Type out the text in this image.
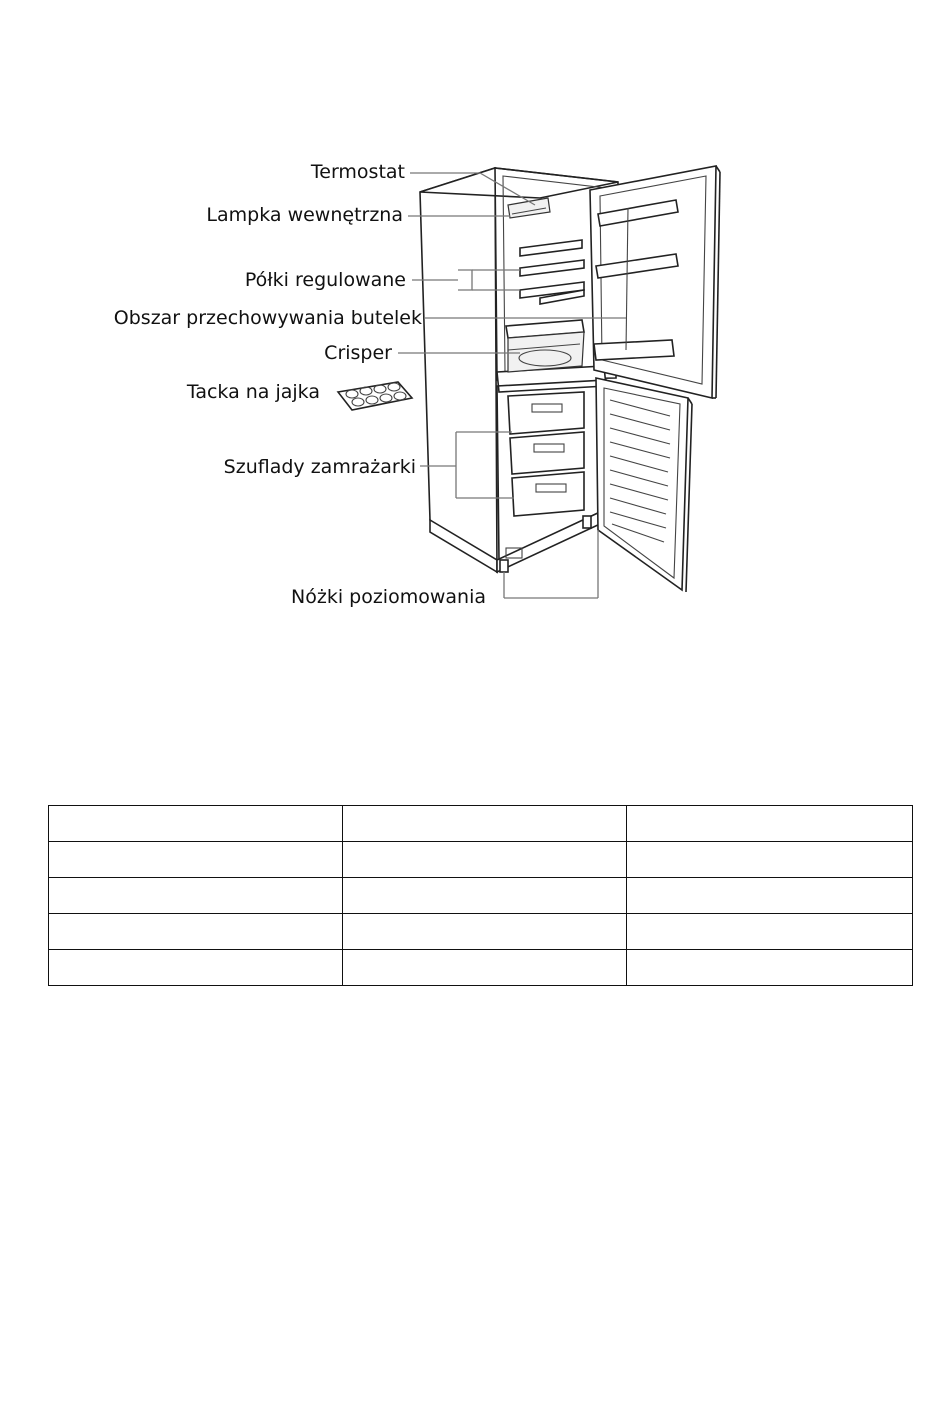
Termostat
Lampka wewnętrzna
Półki regulowane
Obszar przechowywania butelek
Crisper
Tacka na jajka
Szuflady zamrażarki
Nóżki poziomowania
